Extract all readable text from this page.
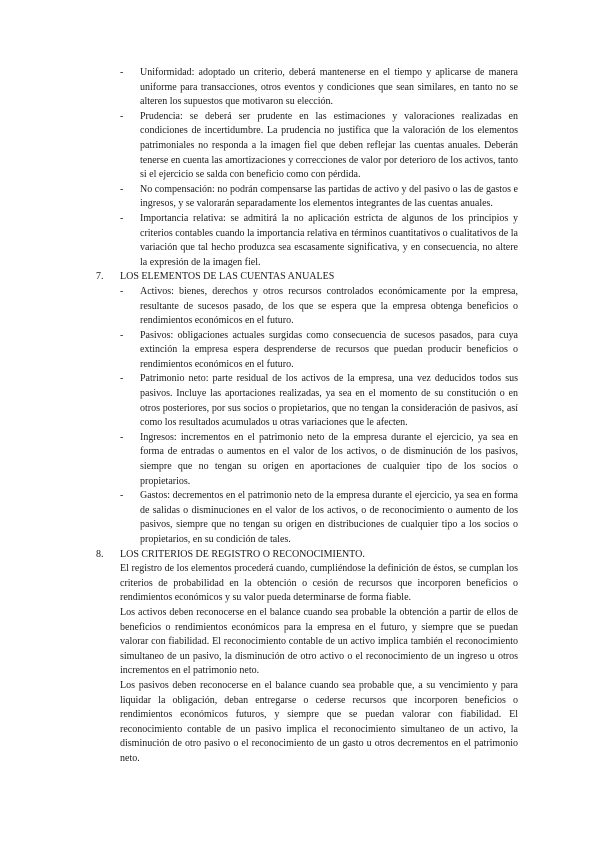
- Uniformidad: adoptado un criterio, deberá mantenerse en el tiempo y aplicarse de manera uniforme para transacciones, otros eventos y condiciones que sean similares, en tanto no se alteren los supuestos que motivaron su elección.
- Prudencia: se deberá ser prudente en las estimaciones y valoraciones realizadas en condiciones de incertidumbre. La prudencia no justifica que la valoración de los elementos patrimoniales no responda a la imagen fiel que deben reflejar las cuentas anuales. Deberán tenerse en cuenta las amortizaciones y correcciones de valor por deterioro de los activos, tanto si el ejercicio se salda con beneficio como con pérdida.
- No compensación: no podrán compensarse las partidas de activo y del pasivo o las de gastos e ingresos, y se valorarán separadamente los elementos integrantes de las cuentas anuales.
- Importancia relativa: se admitirá la no aplicación estricta de algunos de los principios y criterios contables cuando la importancia relativa en términos cuantitativos o cualitativos de la variación que tal hecho produzca sea escasamente significativa, y en consecuencia, no altere la expresión de la imagen fiel.
7. LOS ELEMENTOS DE LAS CUENTAS ANUALES
- Activos: bienes, derechos y otros recursos controlados económicamente por la empresa, resultante de sucesos pasado, de los que se espera que la empresa obtenga beneficios o rendimientos económicos en el futuro.
- Pasivos: obligaciones actuales surgidas como consecuencia de sucesos pasados, para cuya extinción la empresa espera desprenderse de recursos que puedan producir beneficios o rendimientos económicos en el futuro.
- Patrimonio neto: parte residual de los activos de la empresa, una vez deducidos todos sus pasivos. Incluye las aportaciones realizadas, ya sea en el momento de su constitución o en otros posteriores, por sus socios o propietarios, que no tengan la consideración de pasivos, así como los resultados acumulados u otras variaciones que le afecten.
- Ingresos: incrementos en el patrimonio neto de la empresa durante el ejercicio, ya sea en forma de entradas o aumentos en el valor de los activos, o de disminución de los pasivos, siempre que no tengan su origen en aportaciones de cualquier tipo de los socios o propietarios.
- Gastos: decrementos en el patrimonio neto de la empresa durante el ejercicio, ya sea en forma de salidas o disminuciones en el valor de los activos, o de reconocimiento o aumento de los pasivos, siempre que no tengan su origen en distribuciones de cualquier tipo a los socios o propietarios, en su condición de tales.
8. LOS CRITERIOS DE REGISTRO O RECONOCIMIENTO.

El registro de los elementos procederá cuando, cumpliéndose la definición de éstos, se cumplan los criterios de probabilidad en la obtención o cesión de recursos que incorporen beneficios o rendimientos económicos y su valor pueda determinarse de forma fiable.

Los activos deben reconocerse en el balance cuando sea probable la obtención a partir de ellos de beneficios o rendimientos económicos para la empresa en el futuro, y siempre que se puedan valorar con fiabilidad. El reconocimiento contable de un activo implica también el reconocimiento simultaneo de un pasivo, la disminución de otro activo o el reconocimiento de un ingreso u otros incrementos en el patrimonio neto.

Los pasivos deben reconocerse en el balance cuando sea probable que, a su vencimiento y para liquidar la obligación, deban entregarse o cederse recursos que incorporen beneficios o rendimientos económicos futuros, y siempre que se puedan valorar con fiabilidad. El reconocimiento contable de un pasivo implica el reconocimiento simultaneo de un activo, la disminución de otro pasivo o el reconocimiento de un gasto u otros decrementos en el patrimonio neto.
